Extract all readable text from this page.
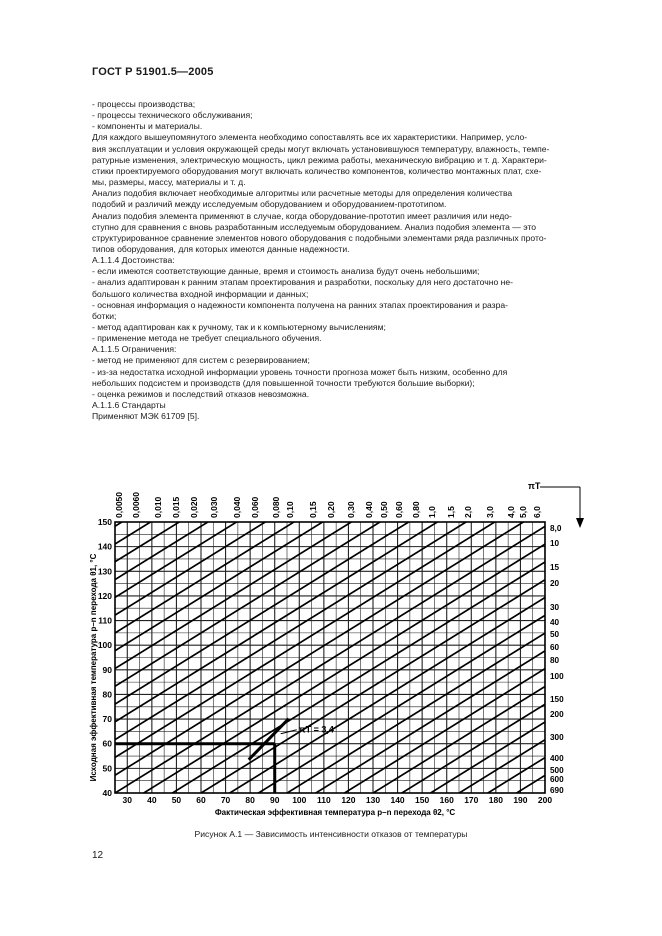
ГОСТ Р 51901.5—2005
- процессы производства;
- процессы технического обслуживания;
- компоненты и материалы.
Для каждого вышеупомянутого элемента необходимо сопоставлять все их характеристики. Например, усло-
вия эксплуатации и условия окружающей среды могут включать установившуюся температуру, влажность, темпе-
ратурные изменения, электрическую мощность, цикл режима работы, механическую вибрацию и т. д. Характери-
стики проектируемого оборудования могут включать количество компонентов, количество монтажных плат, схе-
мы, размеры, массу, материалы и т. д.
Анализ подобия включает необходимые алгоритмы или расчетные методы для определения количества
подобий и различий между исследуемым оборудованием и оборудованием-прототипом.
Анализ подобия элемента применяют в случае, когда оборудование-прототип имеет различия или недо-
ступно для сравнения с вновь разработанным исследуемым оборудованием. Анализ подобия элемента — это
структурированное сравнение элементов нового оборудования с подобными элементами ряда различных прото-
типов оборудования, для которых имеются данные надежности.
A.1.1.4 Достоинства:
- если имеются соответствующие данные, время и стоимость анализа будут очень небольшими;
- анализ адаптирован к ранним этапам проектирования и разработки, поскольку для него достаточно не-
большого количества входной информации и данных;
- основная информация о надежности компонента получена на ранних этапах проектирования и разра-
ботки;
- метод адаптирован как к ручному, так и к компьютерному вычислениям;
- применение метода не требует специального обучения.
A.1.1.5 Ограничения:
- метод не применяют для систем с резервированием;
- из-за недостатка исходной информации уровень точности прогноза может быть низким, особенно для
небольших подсистем и производств (для повышенной точности требуются большие выборки);
- оценка режимов и последствий отказов невозможна.
A.1.1.6 Стандарты
Применяют МЭК 61709 [5].
πT = 3,4
30 40 50 60 70 80 90 100 110 120 130 140 150 160 170 180 190 200
40
50
60
70
80
90
100
110
120
130
140
150
Фактическая эффективная температура p–n перехода θ2, °С
Исходная эффективная температура p–n перехода θ1, °С
0,0050 0,0060 0,010 0,015 0,020 0,030 0,040 0,060 0,080 0,10 0,15 0,20 0,30 0,40 0,50 0,60 0,80 1,0 1,5 2,0 3,0 4,0 5,0 6,0
8,0
10
15
20
30
40
50
60
80
100
150
200
300
400
500
600
690
πT
Рисунок А.1 — Зависимость интенсивности отказов от температуры
12
